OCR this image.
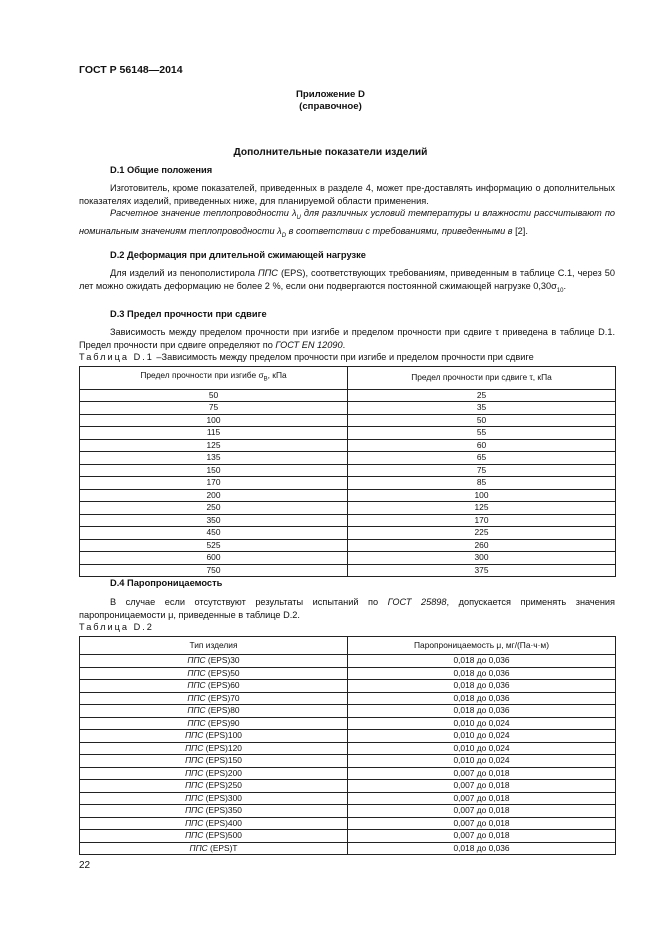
ГОСТ Р 56148—2014
Приложение D
(справочное)
Дополнительные показатели изделий
D.1 Общие положения

Изготовитель, кроме показателей, приведенных в разделе 4, может пре-доставлять информацию о дополнительных показателях изделий, приведенных ниже, для планируемой области применения.

Расчетное значение теплопроводности $\lambda_U$ для различных условий температуры и влажности рассчитывают по номинальным значениям теплопроводности $\lambda_D$ в соответствии с требованиями, приведенными в [2].

D.2 Деформация при длительной сжимающей нагрузке

Для изделий из пенополистирола ППС (EPS), соответствующих требованиям, приведенным в таблице С.1, через 50 лет можно ожидать деформацию не более 2 %, если они подвергаются постоянной сжимающей нагрузке $0,30\sigma_{10}$.

D.3 Предел прочности при сдвиге

Зависимость между пределом прочности при изгибе и пределом прочности при сдвиге τ приведена в таблице D.1. Предел прочности при сдвиге определяют по ГОСТ EN 12090.

Таблица D.1 –Зависимость между пределом прочности при изгибе и пределом прочности при сдвиге
Предел прочности при изгибе $\sigma_B$, кПа	Предел прочности при сдвиге τ, кПа
50	25
75	35
100	50
115	55
125	60
135	65
150	75
170	85
200	100
250	125
350	170
450	225
525	260
600	300
750	375
D.4 Паропроницаемость

В случае если отсутствуют результаты испытаний по ГОСТ 25898, допускается применять значения паропроницаемости μ, приведенные в таблице D.2.

Таблица D.2
Тип изделия	Паропроницаемость μ, мг/(Па·ч·м)
ППС (EPS)30	0,018 до 0,036
ППС (EPS)50	0,018 до 0,036
ППС (EPS)60	0,018 до 0,036
ППС (EPS)70	0,018 до 0,036
ППС (EPS)80	0,018 до 0,036
ППС (EPS)90	0,010 до 0,024
ППС (EPS)100	0,010 до 0,024
ППС (EPS)120	0,010 до 0,024
ППС (EPS)150	0,010 до 0,024
ППС (EPS)200	0,007 до 0,018
ППС (EPS)250	0,007 до 0,018
ППС (EPS)300	0,007 до 0,018
ППС (EPS)350	0,007 до 0,018
ППС (EPS)400	0,007 до 0,018
ППС (EPS)500	0,007 до 0,018
ППС (EPS)Т	0,018 до 0,036
22
